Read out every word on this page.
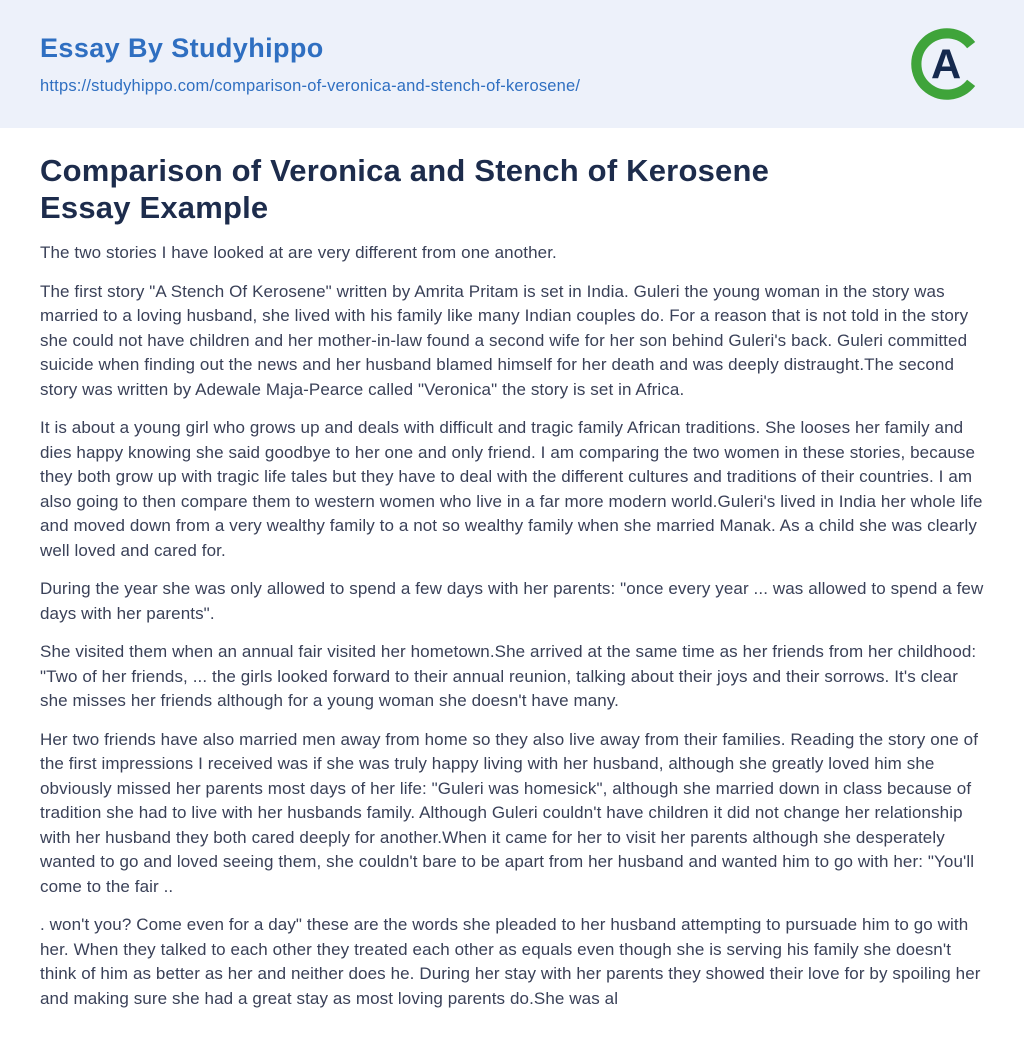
Essay By Studyhippo
https://studyhippo.com/comparison-of-veronica-and-stench-of-kerosene/	A
Comparison of Veronica and Stench of Kerosene Essay Example

The two stories I have looked at are very different from one another.

The first story "A Stench Of Kerosene" written by Amrita Pritam is set in India. Guleri the young woman in the story was married to a loving husband, she lived with his family like many Indian couples do. For a reason that is not told in the story she could not have children and her mother-in-law found a second wife for her son behind Guleri's back. Guleri committed suicide when finding out the news and her husband blamed himself for her death and was deeply distraught.The second story was written by Adewale Maja-Pearce called "Veronica" the story is set in Africa.

It is about a young girl who grows up and deals with difficult and tragic family African traditions. She looses her family and dies happy knowing she said goodbye to her one and only friend. I am comparing the two women in these stories, because they both grow up with tragic life tales but they have to deal with the different cultures and traditions of their countries. I am also going to then compare them to western women who live in a far more modern world.Guleri's lived in India her whole life and moved down from a very wealthy family to a not so wealthy family when she married Manak. As a child she was clearly well loved and cared for.

During the year she was only allowed to spend a few days with her parents: "once every year ... was allowed to spend a few days with her parents".

She visited them when an annual fair visited her hometown.She arrived at the same time as her friends from her childhood: "Two of her friends, ... the girls looked forward to their annual reunion, talking about their joys and their sorrows. It's clear she misses her friends although for a young woman she doesn't have many.

Her two friends have also married men away from home so they also live away from their families. Reading the story one of the first impressions I received was if she was truly happy living with her husband, although she greatly loved him she obviously missed her parents most days of her life: "Guleri was homesick", although she married down in class because of tradition she had to live with her husbands family. Although Guleri couldn't have children it did not change her relationship with her husband they both cared deeply for another.When it came for her to visit her parents although she desperately wanted to go and loved seeing them, she couldn't bare to be apart from her husband and wanted him to go with her: "You'll come to the fair ..

. won't you? Come even for a day" these are the words she pleaded to her husband attempting to pursuade him to go with her. When they talked to each other they treated each other as equals even though she is serving his family she doesn't think of him as better as her and neither does he. During her stay with her parents they showed their love for by spoiling her and making sure she had a great stay as most loving parents do.She was al
